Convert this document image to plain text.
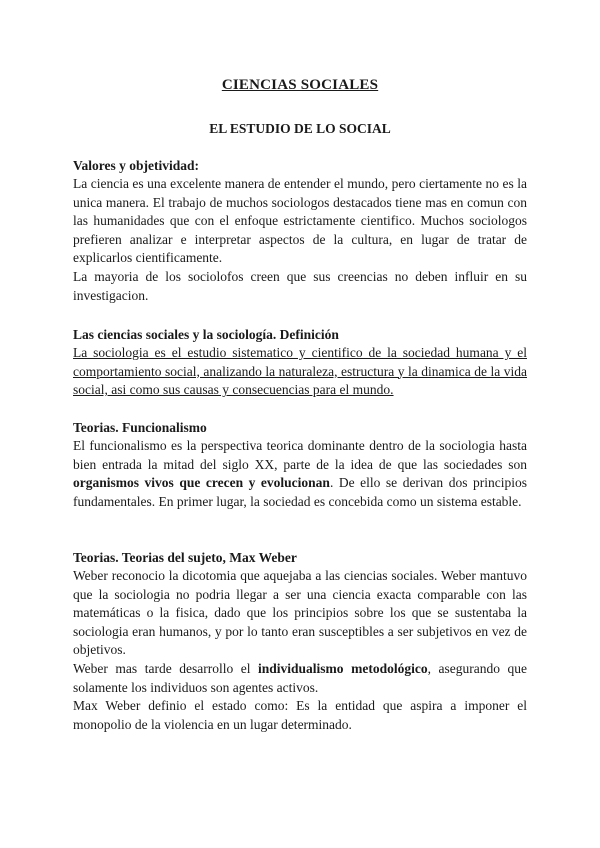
CIENCIAS SOCIALES
EL ESTUDIO DE LO SOCIAL
Valores y objetividad:

La ciencia es una excelente manera de entender el mundo, pero ciertamente no es la unica manera. El trabajo de muchos sociologos destacados tiene mas en comun con las humanidades que con el enfoque estrictamente cientifico. Muchos sociologos prefieren analizar e interpretar aspectos de la cultura, en lugar de tratar de explicarlos cientificamente.

La mayoria de los sociolofos creen que sus creencias no deben influir en su investigacion.

Las ciencias sociales y la sociología. Definición

La sociologia es el estudio sistematico y cientifico de la sociedad humana y el comportamiento social, analizando la naturaleza, estructura y la dinamica de la vida social, asi como sus causas y consecuencias para el mundo.

Teorias. Funcionalismo

El funcionalismo es la perspectiva teorica dominante dentro de la sociologia hasta bien entrada la mitad del siglo XX, parte de la idea de que las sociedades son organismos vivos que crecen y evolucionan. De ello se derivan dos principios fundamentales. En primer lugar, la sociedad es concebida como un sistema estable.

Teorias. Teorias del sujeto, Max Weber

Weber reconocio la dicotomia que aquejaba a las ciencias sociales. Weber mantuvo que la sociologia no podria llegar a ser una ciencia exacta comparable con las matemáticas o la fisica, dado que los principios sobre los que se sustentaba la sociologia eran humanos, y por lo tanto eran susceptibles a ser subjetivos en vez de objetivos.

Weber mas tarde desarrollo el individualismo metodológico, asegurando que solamente los individuos son agentes activos.

Max Weber definio el estado como: Es la entidad que aspira a imponer el monopolio de la violencia en un lugar determinado.
